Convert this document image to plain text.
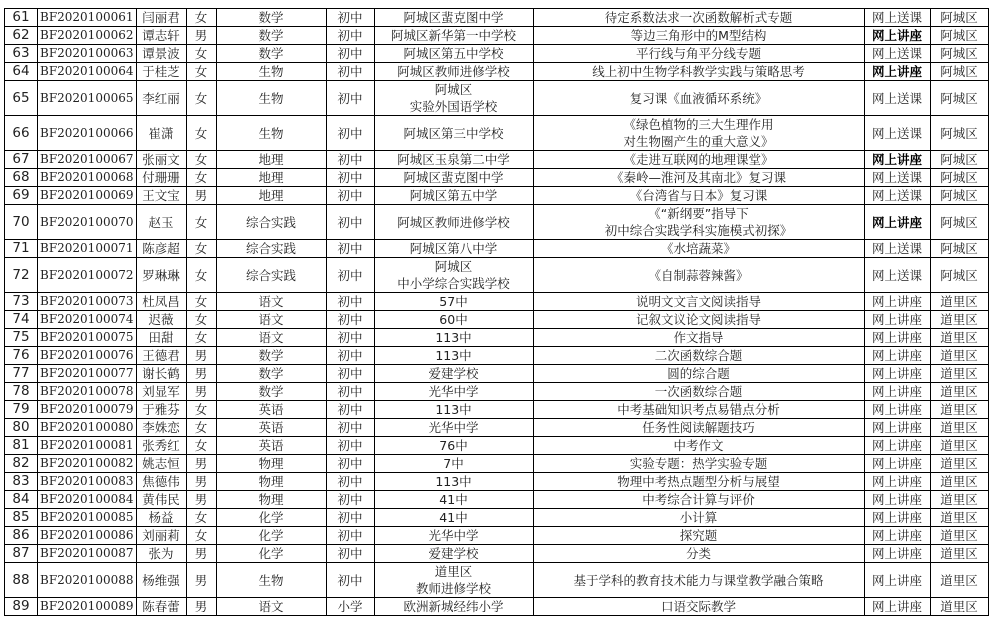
61	BF2020100061	闫丽君	女	数学	初中	阿城区蜚克图中学	待定系数法求一次函数解析式专题	网上送课	阿城区
62	BF2020100062	谭志轩	男	数学	初中	阿城区新华第一中学校	等边三角形中的M型结构	网上讲座	阿城区
63	BF2020100063	谭景波	女	数学	初中	阿城区第五中学校	平行线与角平分线专题	网上送课	阿城区
64	BF2020100064	于桂芝	女	生物	初中	阿城区教师进修学校	线上初中生物学科教学实践与策略思考	网上讲座	阿城区
65	BF2020100065	李红丽	女	生物	初中	阿城区
实验外国语学校	复习课《血液循环系统》	网上送课	阿城区
66	BF2020100066	崔潇	女	生物	初中	阿城区第三中学校	《绿色植物的三大生理作用
对生物圈产生的重大意义》	网上送课	阿城区
67	BF2020100067	张丽文	女	地理	初中	阿城区玉泉第二中学	《走进互联网的地理课堂》	网上讲座	阿城区
68	BF2020100068	付珊珊	女	地理	初中	阿城区蜚克图中学	《秦岭—淮河及其南北》复习课	网上送课	阿城区
69	BF2020100069	王文宝	男	地理	初中	阿城区第五中学	《台湾省与日本》复习课	网上送课	阿城区
70	BF2020100070	赵玉	女	综合实践	初中	阿城区教师进修学校	《“新纲要”指导下
初中综合实践学科实施模式初探》	网上讲座	阿城区
71	BF2020100071	陈彦超	女	综合实践	初中	阿城区第八中学	《水培蔬菜》	网上送课	阿城区
72	BF2020100072	罗琳琳	女	综合实践	初中	阿城区
中小学综合实践学校	《自制蒜蓉辣酱》	网上送课	阿城区
73	BF2020100073	杜凤昌	女	语文	初中	57中	说明文文言文阅读指导	网上讲座	道里区
74	BF2020100074	迟薇	女	语文	初中	60中	记叙文议论文阅读指导	网上讲座	道里区
75	BF2020100075	田甜	女	语文	初中	113中	作文指导	网上讲座	道里区
76	BF2020100076	王德君	男	数学	初中	113中	二次函数综合题	网上讲座	道里区
77	BF2020100077	谢长鹤	男	数学	初中	爱建学校	圆的综合题	网上讲座	道里区
78	BF2020100078	刘显军	男	数学	初中	光华中学	一次函数综合题	网上讲座	道里区
79	BF2020100079	于雅芬	女	英语	初中	113中	中考基础知识考点易错点分析	网上讲座	道里区
80	BF2020100080	李姝恋	女	英语	初中	光华中学	任务性阅读解题技巧	网上讲座	道里区
81	BF2020100081	张秀红	女	英语	初中	76中	中考作文	网上讲座	道里区
82	BF2020100082	姚志恒	男	物理	初中	7中	实验专题：热学实验专题	网上讲座	道里区
83	BF2020100083	焦德伟	男	物理	初中	113中	物理中考热点题型分析与展望	网上讲座	道里区
84	BF2020100084	黄伟民	男	物理	初中	41中	中考综合计算与评价	网上讲座	道里区
85	BF2020100085	杨益	女	化学	初中	41中	小计算	网上讲座	道里区
86	BF2020100086	刘丽莉	女	化学	初中	光华中学	探究题	网上讲座	道里区
87	BF2020100087	张为	男	化学	初中	爱建学校	分类	网上讲座	道里区
88	BF2020100088	杨维强	男	生物	初中	道里区
教师进修学校	基于学科的教育技术能力与课堂教学融合策略	网上讲座	道里区
89	BF2020100089	陈春蕾	男	语文	小学	欧洲新城经纬小学	口语交际教学	网上讲座	道里区
